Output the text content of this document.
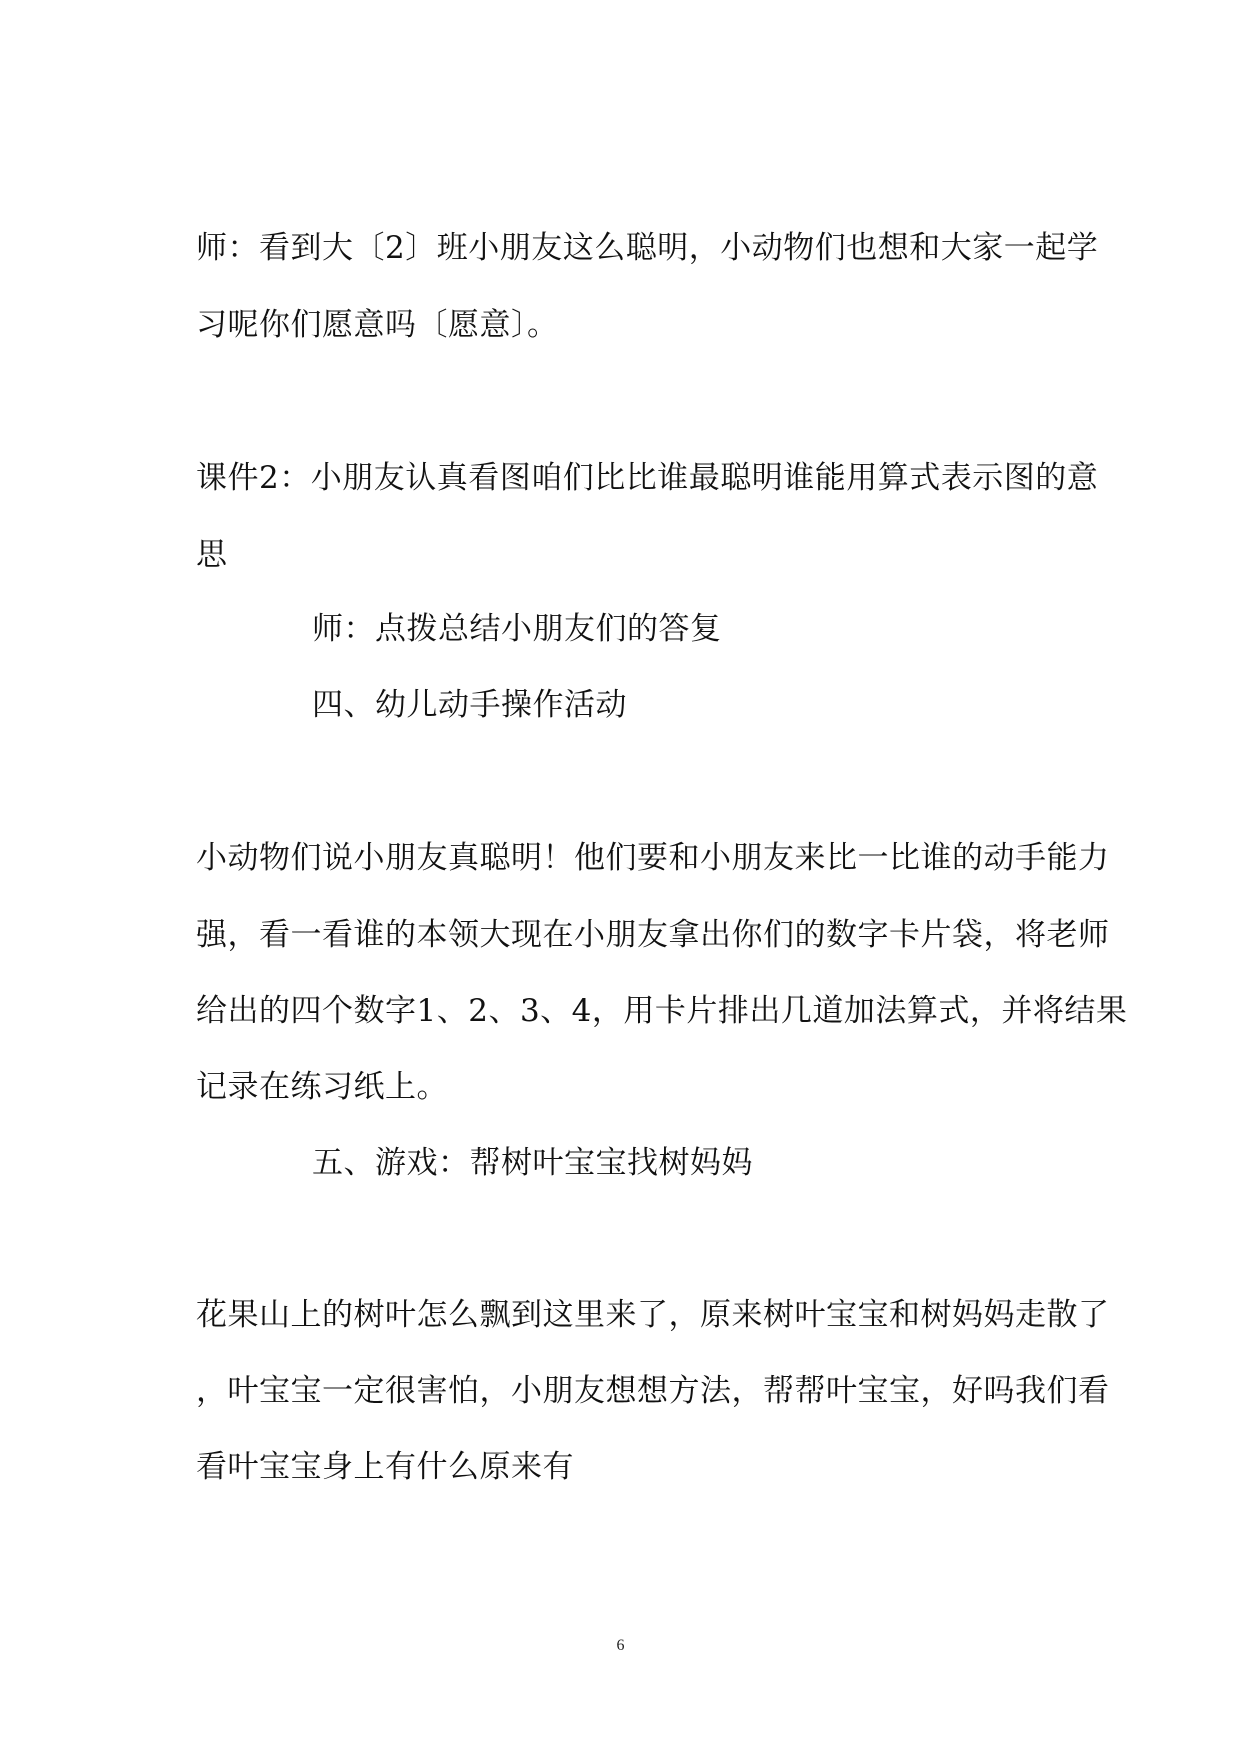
师：看到大〔2〕班小朋友这么聪明，小动物们也想和大家一起学
习呢你们愿意吗〔愿意〕。
课件2：小朋友认真看图咱们比比谁最聪明谁能用算式表示图的意
思
师：点拨总结小朋友们的答复
四、幼儿动手操作活动
小动物们说小朋友真聪明！他们要和小朋友来比一比谁的动手能力
强，看一看谁的本领大现在小朋友拿出你们的数字卡片袋，将老师
给出的四个数字1、2、3、4，用卡片排出几道加法算式，并将结果
记录在练习纸上。
五、游戏：帮树叶宝宝找树妈妈
花果山上的树叶怎么飘到这里来了，原来树叶宝宝和树妈妈走散了
，叶宝宝一定很害怕，小朋友想想方法，帮帮叶宝宝，好吗我们看
看叶宝宝身上有什么原来有
6
